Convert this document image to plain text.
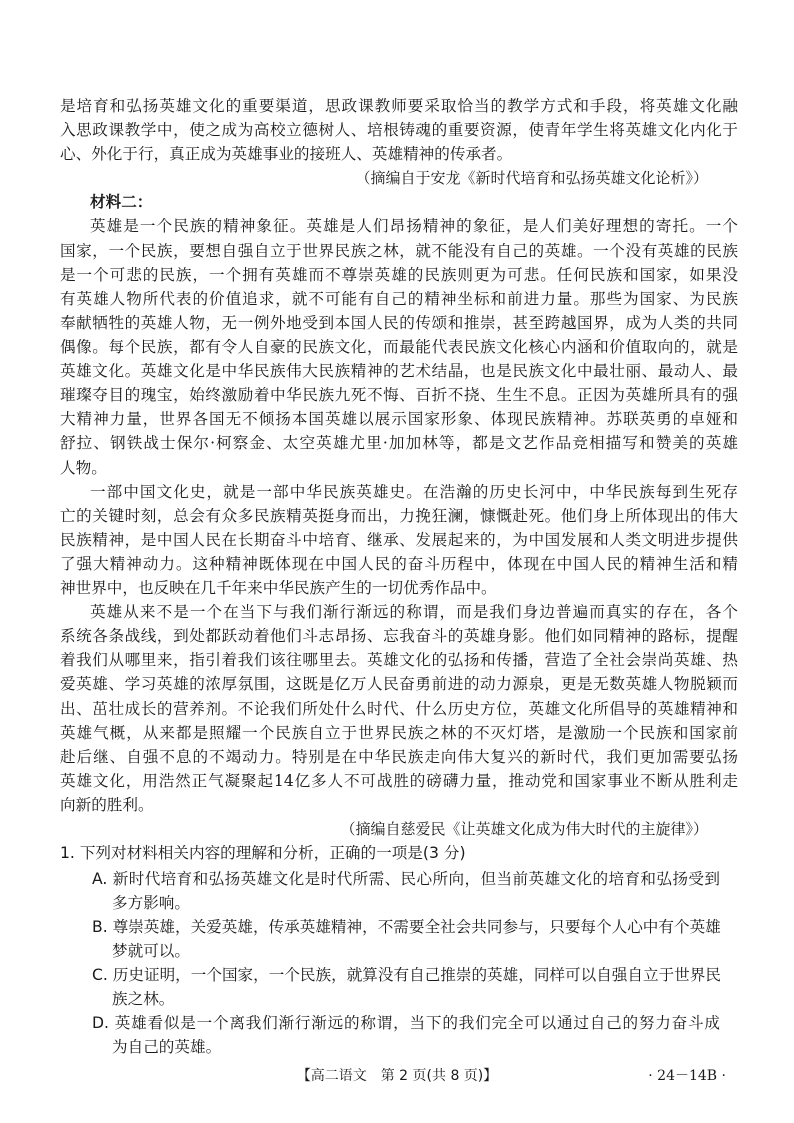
是培育和弘扬英雄文化的重要渠道，思政课教师要采取恰当的教学方式和手段，将英雄文化融
入思政课教学中，使之成为高校立德树人、培根铸魂的重要资源，使青年学生将英雄文化内化于
心、外化于行，真正成为英雄事业的接班人、英雄精神的传承者。
（摘编自于安龙《新时代培育和弘扬英雄文化论析》）
材料二：
英雄是一个民族的精神象征。英雄是人们昂扬精神的象征，是人们美好理想的寄托。一个
国家，一个民族，要想自强自立于世界民族之林，就不能没有自己的英雄。一个没有英雄的民族
是一个可悲的民族，一个拥有英雄而不尊崇英雄的民族则更为可悲。任何民族和国家，如果没
有英雄人物所代表的价值追求，就不可能有自己的精神坐标和前进力量。那些为国家、为民族
奉献牺牲的英雄人物，无一例外地受到本国人民的传颂和推崇，甚至跨越国界，成为人类的共同
偶像。每个民族，都有令人自豪的民族文化，而最能代表民族文化核心内涵和价值取向的，就是
英雄文化。英雄文化是中华民族伟大民族精神的艺术结晶，也是民族文化中最壮丽、最动人、最
璀璨夺目的瑰宝，始终激励着中华民族九死不悔、百折不挠、生生不息。正因为英雄所具有的强
大精神力量，世界各国无不倾扬本国英雄以展示国家形象、体现民族精神。苏联英勇的卓娅和
舒拉、钢铁战士保尔·柯察金、太空英雄尤里·加加林等，都是文艺作品竞相描写和赞美的英雄
人物。
一部中国文化史，就是一部中华民族英雄史。在浩瀚的历史长河中，中华民族每到生死存
亡的关键时刻，总会有众多民族精英挺身而出，力挽狂澜，慷慨赴死。他们身上所体现出的伟大
民族精神，是中国人民在长期奋斗中培育、继承、发展起来的，为中国发展和人类文明进步提供
了强大精神动力。这种精神既体现在中国人民的奋斗历程中，体现在中国人民的精神生活和精
神世界中，也反映在几千年来中华民族产生的一切优秀作品中。
英雄从来不是一个在当下与我们渐行渐远的称谓，而是我们身边普遍而真实的存在，各个
系统各条战线，到处都跃动着他们斗志昂扬、忘我奋斗的英雄身影。他们如同精神的路标，提醒
着我们从哪里来，指引着我们该往哪里去。英雄文化的弘扬和传播，营造了全社会崇尚英雄、热
爱英雄、学习英雄的浓厚氛围，这既是亿万人民奋勇前进的动力源泉，更是无数英雄人物脱颖而
出、茁壮成长的营养剂。不论我们所处什么时代、什么历史方位，英雄文化所倡导的英雄精神和
英雄气概，从来都是照耀一个民族自立于世界民族之林的不灭灯塔，是激励一个民族和国家前
赴后继、自强不息的不竭动力。特别是在中华民族走向伟大复兴的新时代，我们更加需要弘扬
英雄文化，用浩然正气凝聚起14亿多人不可战胜的磅礴力量，推动党和国家事业不断从胜利走
向新的胜利。
（摘编自慈爱民《让英雄文化成为伟大时代的主旋律》）
1. 下列对材料相关内容的理解和分析，正确的一项是(3 分)
A. 新时代培育和弘扬英雄文化是时代所需、民心所向，但当前英雄文化的培育和弘扬受到
多方影响。
B. 尊崇英雄，关爱英雄，传承英雄精神，不需要全社会共同参与，只要每个人心中有个英雄
梦就可以。
C. 历史证明，一个国家，一个民族，就算没有自己推崇的英雄，同样可以自强自立于世界民
族之林。
D. 英雄看似是一个离我们渐行渐远的称谓，当下的我们完全可以通过自己的努力奋斗成
为自己的英雄。
【高二语文　第 2 页(共 8 页)】	· 24－14B ·
